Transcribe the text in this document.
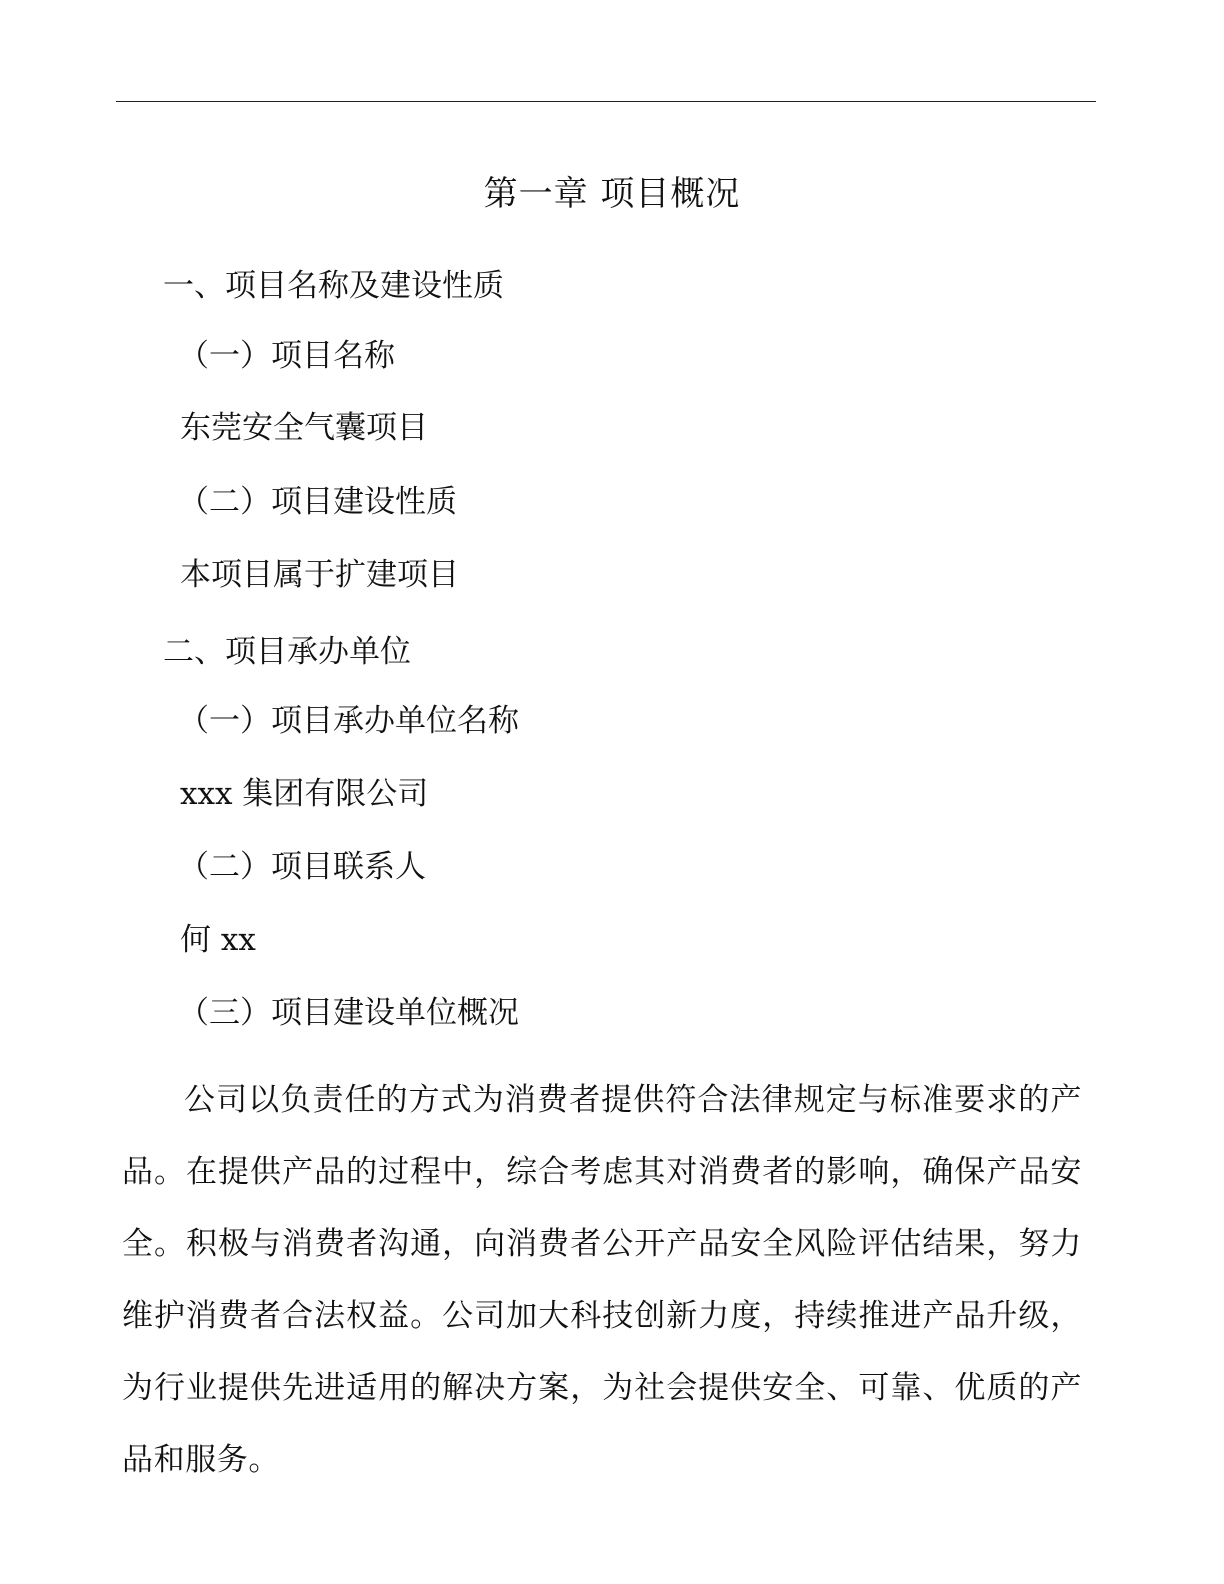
第一章 项目概况
一、项目名称及建设性质
（一）项目名称
东莞安全气囊项目
（二）项目建设性质
本项目属于扩建项目
二、项目承办单位
（一）项目承办单位名称
xxx 集团有限公司
（二）项目联系人
何 xx
（三）项目建设单位概况
公司以负责任的方式为消费者提供符合法律规定与标准要求的产品。在提供产品的过程中，综合考虑其对消费者的影响，确保产品安全。积极与消费者沟通，向消费者公开产品安全风险评估结果，努力维护消费者合法权益。公司加大科技创新力度，持续推进产品升级，为行业提供先进适用的解决方案，为社会提供安全、可靠、优质的产品和服务。
